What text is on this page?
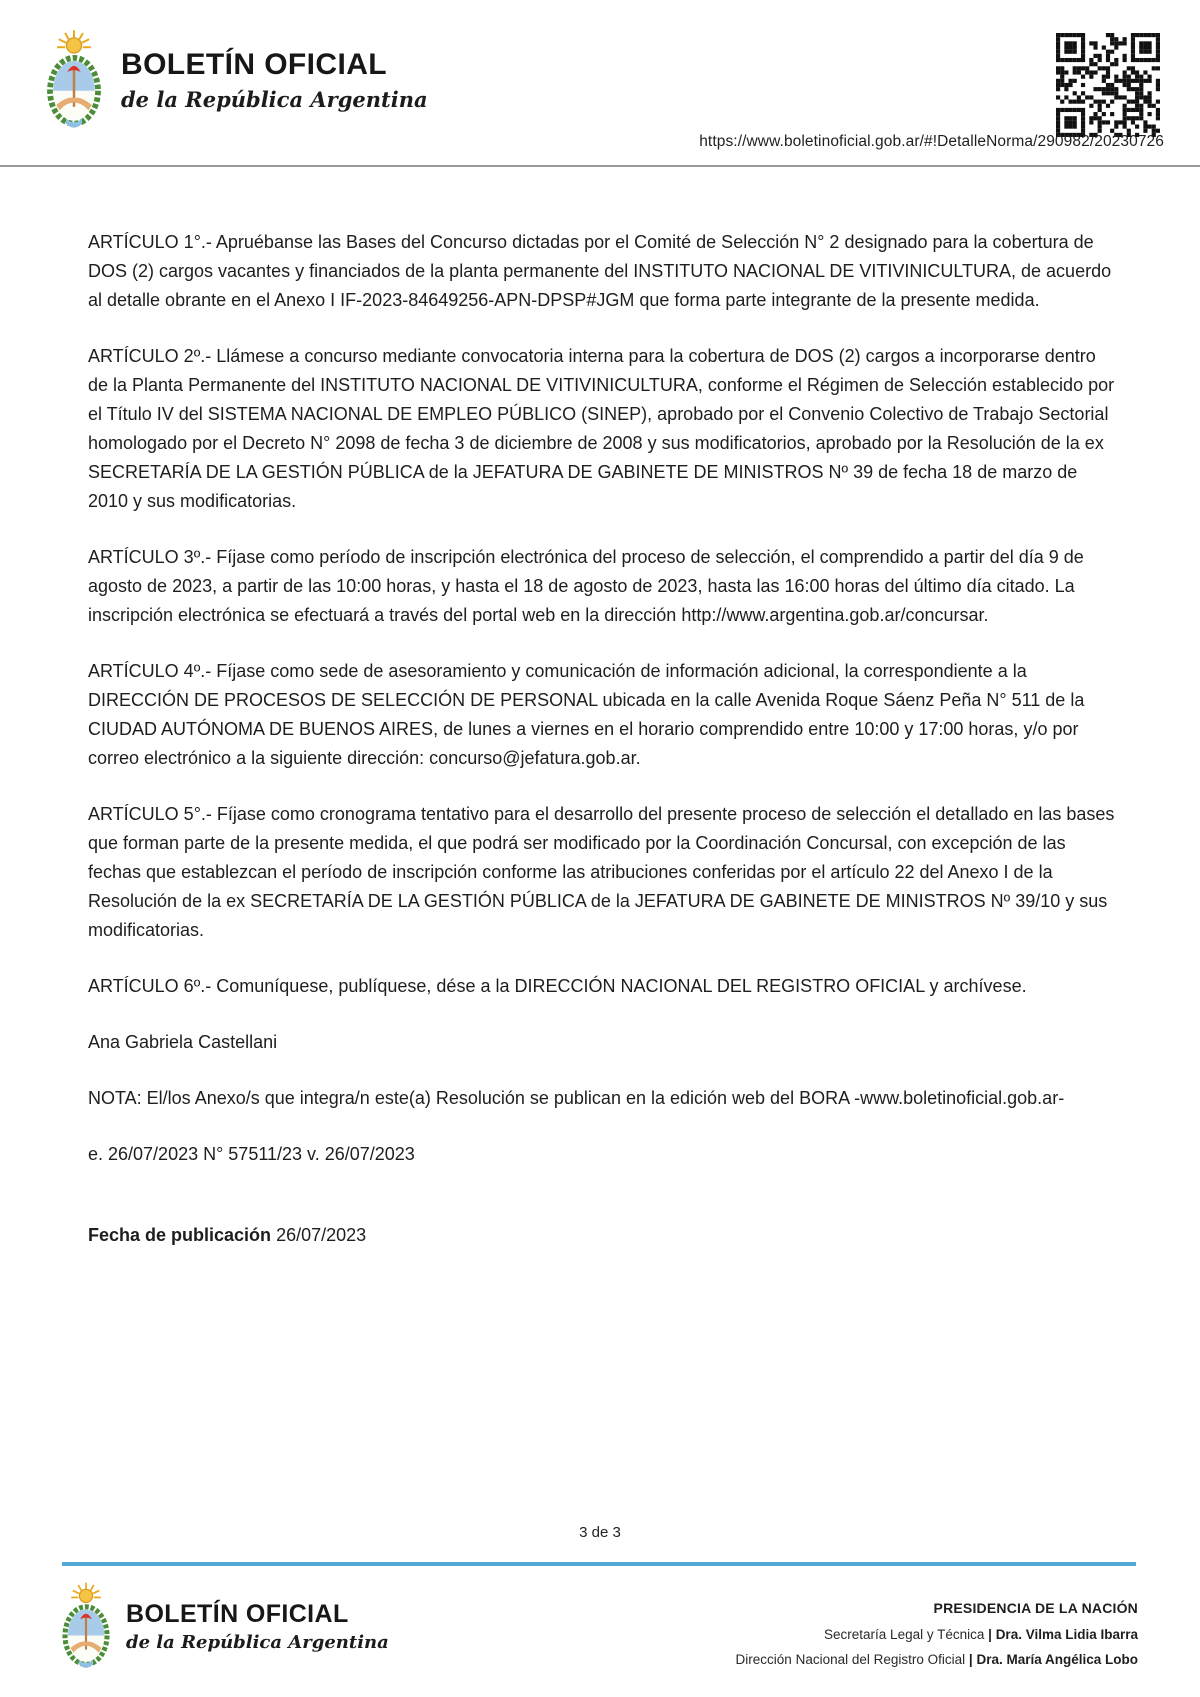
BOLETÍN OFICIAL
de la República Argentina
https://www.boletinoficial.gob.ar/#!DetalleNorma/290982/20230726

ARTÍCULO 1°.- Apruébanse las Bases del Concurso dictadas por el Comité de Selección N° 2 designado para la cobertura de DOS (2) cargos vacantes y financiados de la planta permanente del INSTITUTO NACIONAL DE VITIVINICULTURA, de acuerdo al detalle obrante en el Anexo I IF-2023-84649256-APN-DPSP#JGM que forma parte integrante de la presente medida.

ARTÍCULO 2º.- Llámese a concurso mediante convocatoria interna para la cobertura de DOS (2) cargos a incorporarse dentro de la Planta Permanente del INSTITUTO NACIONAL DE VITIVINICULTURA, conforme el Régimen de Selección establecido por el Título IV del SISTEMA NACIONAL DE EMPLEO PÚBLICO (SINEP), aprobado por el Convenio Colectivo de Trabajo Sectorial homologado por el Decreto N° 2098 de fecha 3 de diciembre de 2008 y sus modificatorios, aprobado por la Resolución de la ex SECRETARÍA DE LA GESTIÓN PÚBLICA de la JEFATURA DE GABINETE DE MINISTROS Nº 39 de fecha 18 de marzo de 2010 y sus modificatorias.

ARTÍCULO 3º.- Fíjase como período de inscripción electrónica del proceso de selección, el comprendido a partir del día 9 de agosto de 2023, a partir de las 10:00 horas, y hasta el 18 de agosto de 2023, hasta las 16:00 horas del último día citado. La inscripción electrónica se efectuará a través del portal web en la dirección http://www.argentina.gob.ar/concursar.

ARTÍCULO 4º.- Fíjase como sede de asesoramiento y comunicación de información adicional, la correspondiente a la DIRECCIÓN DE PROCESOS DE SELECCIÓN DE PERSONAL ubicada en la calle Avenida Roque Sáenz Peña N° 511 de la CIUDAD AUTÓNOMA DE BUENOS AIRES, de lunes a viernes en el horario comprendido entre 10:00 y 17:00 horas, y/o por correo electrónico a la siguiente dirección: concurso@jefatura.gob.ar.

ARTÍCULO 5°.- Fíjase como cronograma tentativo para el desarrollo del presente proceso de selección el detallado en las bases que forman parte de la presente medida, el que podrá ser modificado por la Coordinación Concursal, con excepción de las fechas que establezcan el período de inscripción conforme las atribuciones conferidas por el artículo 22 del Anexo I de la Resolución de la ex SECRETARÍA DE LA GESTIÓN PÚBLICA de la JEFATURA DE GABINETE DE MINISTROS Nº 39/10 y sus modificatorias.

ARTÍCULO 6º.- Comuníquese, publíquese, dése a la DIRECCIÓN NACIONAL DEL REGISTRO OFICIAL y archívese.

Ana Gabriela Castellani

NOTA: El/los Anexo/s que integra/n este(a) Resolución se publican en la edición web del BORA -www.boletinoficial.gob.ar-

e. 26/07/2023 N° 57511/23 v. 26/07/2023

Fecha de publicación 26/07/2023

3 de 3
BOLETÍN OFICIAL
de la República Argentina
PRESIDENCIA DE LA NACIÓN
Secretaría Legal y Técnica | Dra. Vilma Lidia Ibarra
Dirección Nacional del Registro Oficial | Dra. María Angélica Lobo
